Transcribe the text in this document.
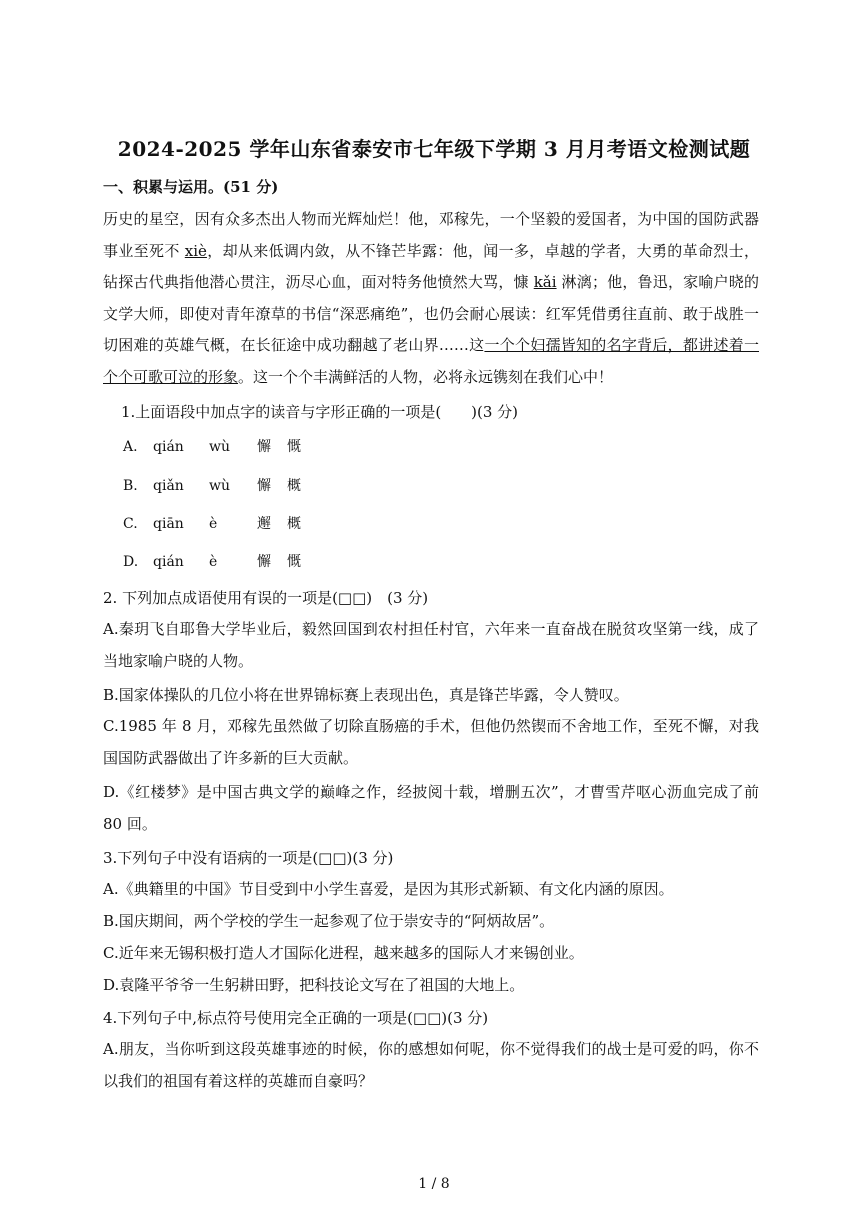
2024-2025 学年山东省泰安市七年级下学期 3 月月考语文检测试题
一、积累与运用。(51 分)
历史的星空，因有众多杰出人物而光辉灿烂！他，邓稼先，一个坚毅的爱国者，为中国的国防武器事业至死不 xiè，却从来低调内敛，从不锋芒毕露：他，闻一多，卓越的学者，大勇的革命烈士，钻探古代典指他潜心贯注，沥尽心血，面对特务他愤然大骂，慷 kǎi 淋漓；他，鲁迅，家喻户晓的文学大师，即使对青年潦草的书信“深恶痛绝”，也仍会耐心展读：红军凭借勇往直前、敢于战胜一切困难的英雄气概，在长征途中成功翻越了老山界……这一个个妇孺皆知的名字背后，都讲述着一个个可歌可泣的形象。这一个个丰满鲜活的人物，必将永远镌刻在我们心中！
1.上面语段中加点字的读音与字形正确的一项是(　　)(3 分)
A. qián wù 懈 慨
B. qiǎn wù 懈 概
C. qiān è	邂 概
D. qián è	懈 慨
2. 下列加点成语使用有误的一项是(□□)　(3 分)
A.秦玥飞自耶鲁大学毕业后，毅然回国到农村担任村官，六年来一直奋战在脱贫攻坚第一线，成了当地家喻户晓的人物。
B.国家体操队的几位小将在世界锦标赛上表现出色，真是锋芒毕露，令人赞叹。
C.1985 年 8 月，邓稼先虽然做了切除直肠癌的手术，但他仍然锲而不舍地工作，至死不懈，对我国国防武器做出了许多新的巨大贡献。
D.《红楼梦》是中国古典文学的巅峰之作，经披阅十载，增删五次”，才曹雪芹呕心沥血完成了前 80 回。
3.下列句子中没有语病的一项是(□□)(3 分)
A.《典籍里的中国》节目受到中小学生喜爱，是因为其形式新颖、有文化内涵的原因。
B.国庆期间，两个学校的学生一起参观了位于崇安寺的“阿炳故居”。
C.近年来无锡积极打造人才国际化进程，越来越多的国际人才来锡创业。
D.袁隆平爷爷一生躬耕田野，把科技论文写在了祖国的大地上。
4.下列句子中,标点符号使用完全正确的一项是(□□)(3 分)
A.朋友，当你听到这段英雄事迹的时候，你的感想如何呢，你不觉得我们的战士是可爱的吗，你不以我们的祖国有着这样的英雄而自豪吗？
1 / 8
